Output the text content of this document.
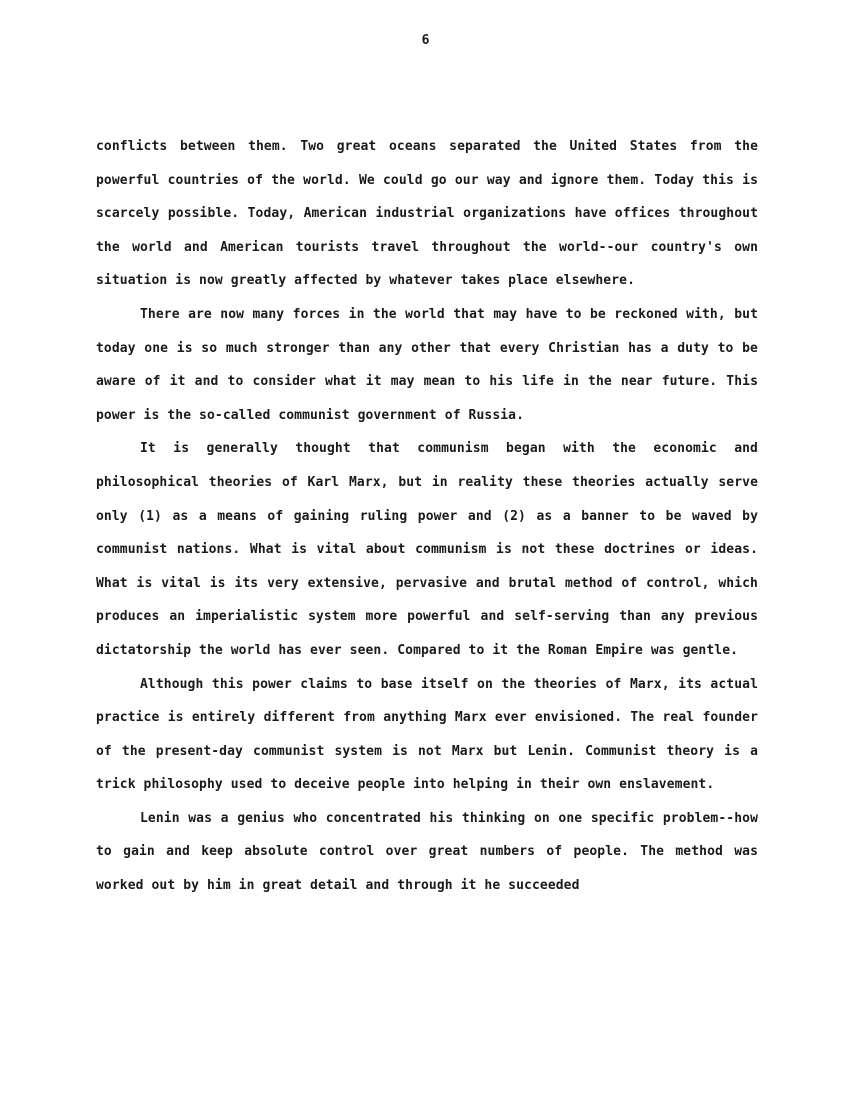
6

conflicts between them. Two great oceans separated the United States from the powerful countries of the world. We could go our way and ignore them. Today this is scarcely possible. Today, American industrial organizations have offices throughout the world and American tourists travel throughout the world--our country's own situation is now greatly affected by whatever takes place elsewhere.

There are now many forces in the world that may have to be reckoned with, but today one is so much stronger than any other that every Christian has a duty to be aware of it and to consider what it may mean to his life in the near future. This power is the so-called communist government of Russia.

It is generally thought that communism began with the economic and philosophical theories of Karl Marx, but in reality these theories actually serve only (1) as a means of gaining ruling power and (2) as a banner to be waved by communist nations. What is vital about communism is not these doctrines or ideas. What is vital is its very extensive, pervasive and brutal method of control, which produces an imperialistic system more powerful and self-serving than any previous dictatorship the world has ever seen. Compared to it the Roman Empire was gentle.

Although this power claims to base itself on the theories of Marx, its actual practice is entirely different from anything Marx ever envisioned. The real founder of the present-day communist system is not Marx but Lenin. Communist theory is a trick philosophy used to deceive people into helping in their own enslavement.

Lenin was a genius who concentrated his thinking on one specific problem--how to gain and keep absolute control over great numbers of people. The method was worked out by him in great detail and through it he succeeded
